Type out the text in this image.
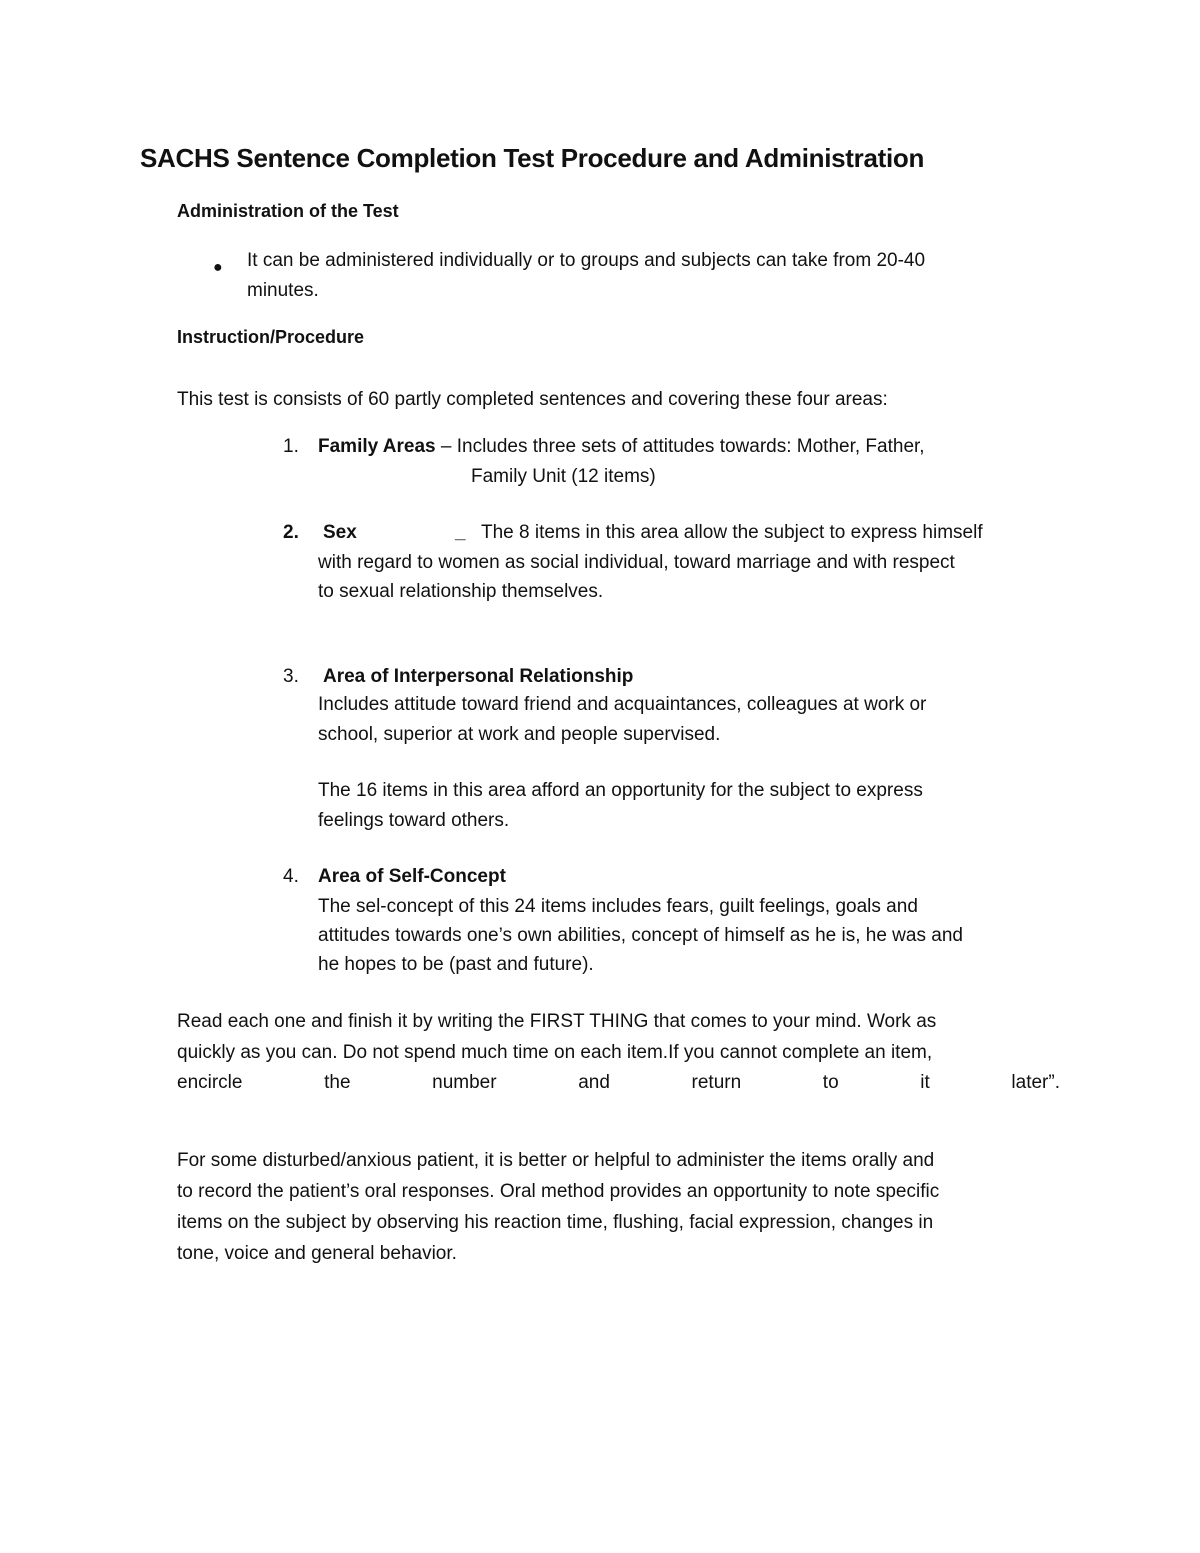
SACHS Sentence Completion Test Procedure and Administration
Administration of the Test
● It can be administered individually or to groups and subjects can take from 20-40
minutes.
Instruction/Procedure
This test is consists of 60 partly completed sentences and covering these four areas:
1. Family Areas – Includes three sets of attitudes towards: Mother, Father,
Family Unit (12 items)
2. Sex	_ The 8 items in this area allow the subject to express himself
with regard to women as social individual, toward marriage and with respect
to sexual relationship themselves.
3. Area of Interpersonal Relationship
Includes attitude toward friend and acquaintances, colleagues at work or
school, superior at work and people supervised.
The 16 items in this area afford an opportunity for the subject to express
feelings toward others.
4. Area of Self-Concept
The sel-concept of this 24 items includes fears, guilt feelings, goals and
attitudes towards one’s own abilities, concept of himself as he is, he was and
he hopes to be (past and future).
Read each one and finish it by writing the FIRST THING that comes to your mind. Work as
quickly as you can. Do not spend much time on each item.If you cannot complete an item,
encircle	the	number	and	return	to	it	later”.
For some disturbed/anxious patient, it is better or helpful to administer the items orally and
to record the patient’s oral responses. Oral method provides an opportunity to note specific
items on the subject by observing his reaction time, flushing, facial expression, changes in
tone, voice and general behavior.
